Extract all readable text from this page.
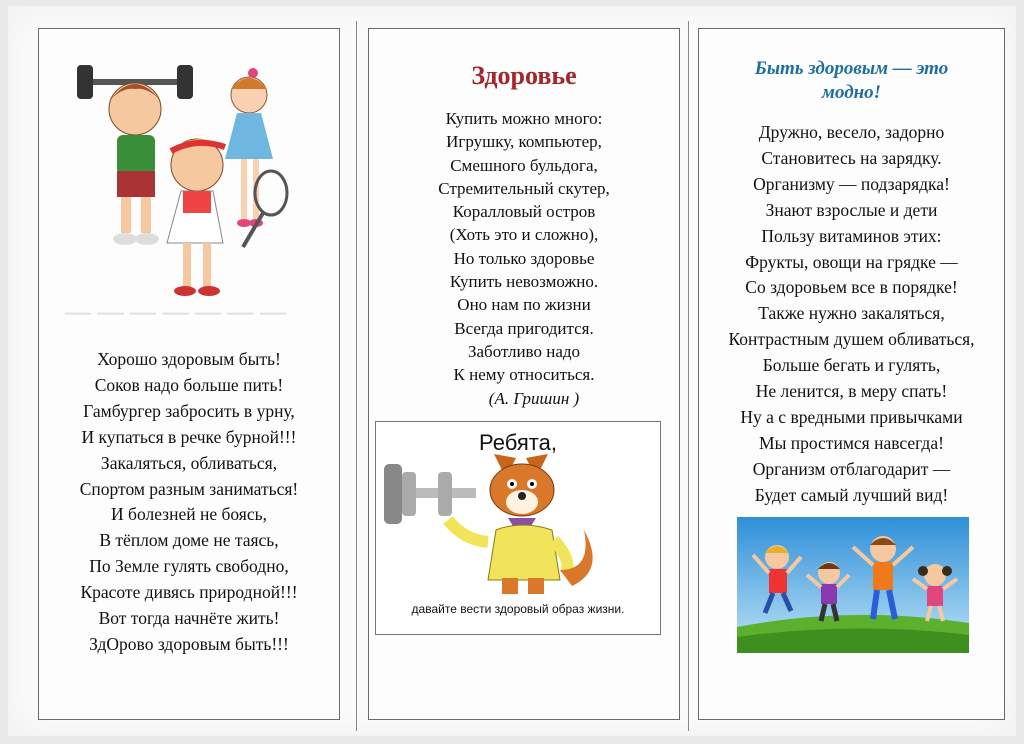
— — — — — — —
Хорошо здоровым быть!
Соков надо больше пить!
Гамбургер забросить в урну,
И купаться в речке бурной!!!
Закаляться, обливаться,
Спортом разным заниматься!
И болезней не боясь,
В тёплом доме не таясь,
По Земле гулять свободно,
Красоте дивясь природной!!!
Вот тогда начнёте жить!
ЗдОрово здоровым быть!!!
Здоровье
Купить можно много:
Игрушку, компьютер,
Смешного бульдога,
Стремительный скутер,
Коралловый остров
(Хоть это и сложно),
Но только здоровье
Купить невозможно.
Оно нам по жизни
Всегда пригодится.
Заботливо надо
К нему относиться.
(А. Гришин )
Ребята,
давайте вести здоровый образ жизни.
Быть здоровым — это
модно!
Дружно, весело, задорно
Становитесь на зарядку.
Организму — подзарядка!
Знают взрослые и дети
Пользу витаминов этих:
Фрукты, овощи на грядке —
Со здоровьем все в порядке!
Также нужно закаляться,
Контрастным душем обливаться,
Больше бегать и гулять,
Не ленится, в меру спать!
Ну а с вредными привычками
Мы простимся навсегда!
Организм отблагодарит —
Будет самый лучший вид!
